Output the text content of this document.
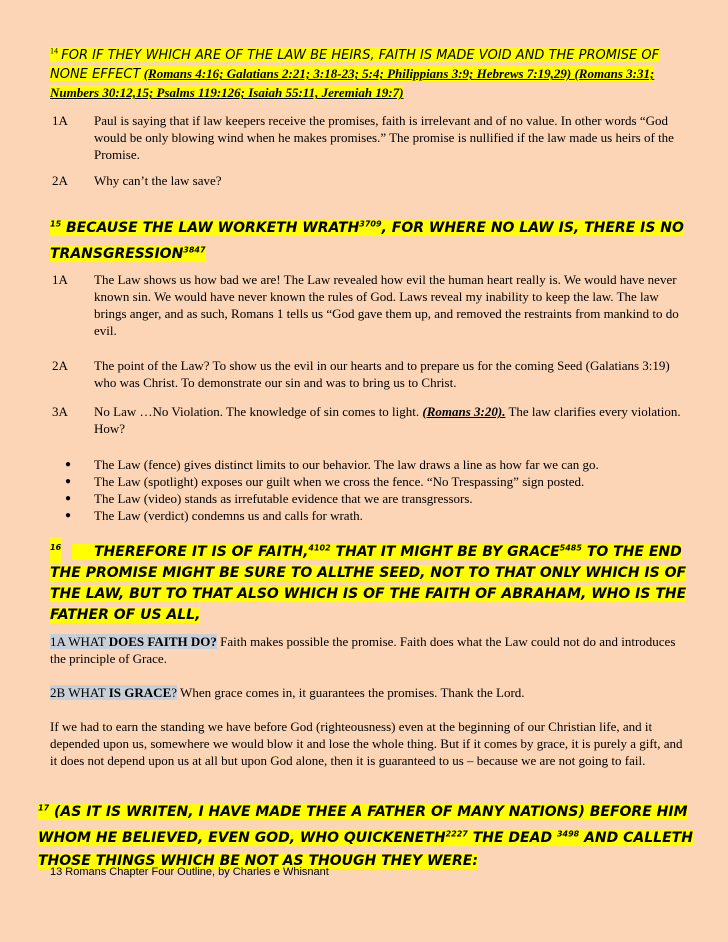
$^{14}$ FOR IF THEY WHICH ARE OF THE LAW BE HEIRS, FAITH IS MADE VOID AND THE PROMISE OF NONE EFFECT (Romans 4:16; Galatians 2:21; 3:18-23; 5:4; Philippians 3:9; Hebrews 7:19,29) (Romans 3:31; Numbers 30:12,15; Psalms 119:126; Isaiah 55:11, Jeremiah 19:7)
1A Paul is saying that if law keepers receive the promises, faith is irrelevant and of no value. In other words “God would be only blowing wind when he makes promises.” The promise is nullified if the law made us heirs of the Promise.
2A Why can’t the law save?
$^{15}$ BECAUSE THE LAW WORKETH $WRATH^{3709}$, FOR WHERE NO LAW IS, THERE IS NO $TRANSGRESSION^{3847}$
1A The Law shows us how bad we are! The Law revealed how evil the human heart really is. We would have never known sin. We would have never known the rules of God. Laws reveal my inability to keep the law. The law brings anger, and as such, Romans 1 tells us “God gave them up, and removed the restraints from mankind to do evil.
2A The point of the Law? To show us the evil in our hearts and to prepare us for the coming Seed (Galatians 3:19) who was Christ. To demonstrate our sin and was to bring us to Christ.
3A No Law …No Violation. The knowledge of sin comes to light. (Romans 3:20). The law clarifies every violation. How?
● The Law (fence) gives distinct limits to our behavior. The law draws a line as how far we can go.
● The Law (spotlight) exposes our guilt when we cross the fence. “No Trespassing” sign posted.
● The Law (video) stands as irrefutable evidence that we are transgressors.
● The Law (verdict) condemns us and calls for wrath.
$^{16}$ THEREFORE IT IS OF FAITH,$^{4102}$ THAT IT MIGHT BE BY $GRACE^{5485}$ TO THE END THE PROMISE MIGHT BE SURE TO ALLTHE SEED, NOT TO THAT ONLY WHICH IS OF THE LAW, BUT TO THAT ALSO WHICH IS OF THE FAITH OF ABRAHAM, WHO IS THE FATHER OF US ALL,
1A WHAT DOES FAITH DO? Faith makes possible the promise. Faith does what the Law could not do and introduces the principle of Grace.
2B WHAT IS GRACE? When grace comes in, it guarantees the promises. Thank the Lord.
If we had to earn the standing we have before God (righteousness) even at the beginning of our Christian life, and it depended upon us, somewhere we would blow it and lose the whole thing. But if it comes by grace, it is purely a gift, and it does not depend upon us at all but upon God alone, then it is guaranteed to us – because we are not going to fail.
$^{17}$ (AS IT IS WRITEN, I HAVE MADE THEE A FATHER OF MANY NATIONS) BEFORE HIM WHOM HE BELIEVED, EVEN GOD, WHO $QUICKENETH^{2227}$ THE DEAD $^{3498}$ AND CALLETH THOSE THINGS WHICH BE NOT AS THOUGH THEY WERE:
13 Romans Chapter Four Outline, by Charles e Whisnant
